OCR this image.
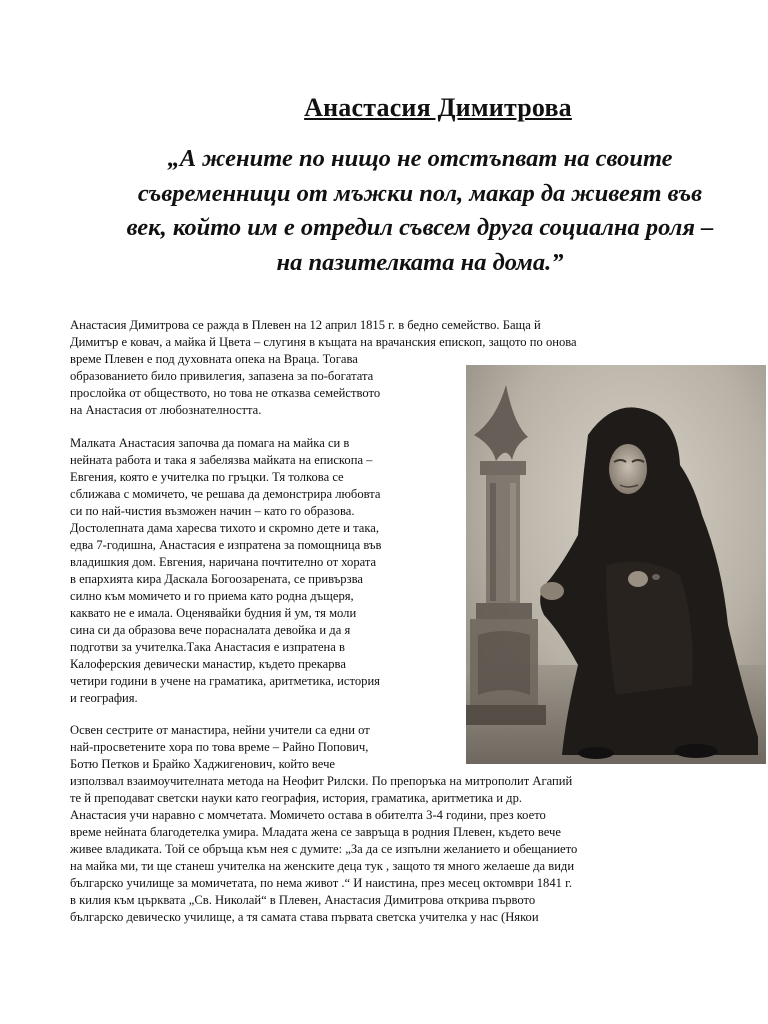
Анастасия Димитрова
„А жените по нищо не отстъпват на своите
съвременници от мъжки пол, макар да живеят във
век, който им е отредил съвсем друга социална роля –
на пазителката на дома.”
Анастасия Димитрова се ражда в Плевен на 12 април 1815 г. в бедно семейство. Баща й
Димитър е ковач, а майка й Цвета – слугиня в къщата на врачанския епископ, защото по онова
време Плевен е под духовната опека на Враца. Тогава
образованието било привилегия, запазена за по-богатата
прослойка от обществото, но това не отказва семейството
на Анастасия от любознателността.
Малката Анастасия започва да помага на майка си в
нейната работа и така я забелязва майката на епископа –
Евгения, която е учителка по гръцки. Тя толкова се
сближава с момичето, че решава да демонстрира любовта
си по най-чистия възможен начин – като го образова.
Достолепната дама харесва тихото и скромно дете и така,
едва 7-годишна, Анастасия е изпратена за помощница във
владишкия дом. Евгения, наричана почтително от хората
в епархията кира Даскала Богоозарената, се привързва
силно към момичето и го приема като родна дъщеря,
каквато не е имала. Оценявайки будния й ум, тя моли
сина си да образова вече порасналата девойка и да я
подготви за учителка.Така Анастасия е изпратена в
Калоферския девически манастир, където прекарва
четири години в учене на граматика, аритметика, история
и география.
Освен сестрите от манастира, нейни учители са едни от
най-просветените хора по това време – Райно Попович,
Ботю Петков и Брайко Хаджигенович, който вече
използвал взаимоучителната метода на Неофит Рилски. По препоръка на митрополит Агапий
те й преподават светски науки като география, история, граматика, аритметика и др.
Анастасия учи наравно с момчетата. Момичето остава в обителта 3-4 години, през което
време нейната благодетелка умира. Младата жена се завръща в родния Плевен, където вече
живее владиката. Той се обръща към нея с думите: „За да се изпълни желанието и обещанието
на майка ми, ти ще станеш учителка на женските деца тук , защото тя много желаеше да види
българско училище за момичетата, по нема живот .“ И наистина, през месец октомври 1841 г.
в килия към църквата „Св. Николай“ в Плевен, Анастасия Димитрова открива първото
българско девическо училище, а тя самата става първата светска учителка у нас (Някои
